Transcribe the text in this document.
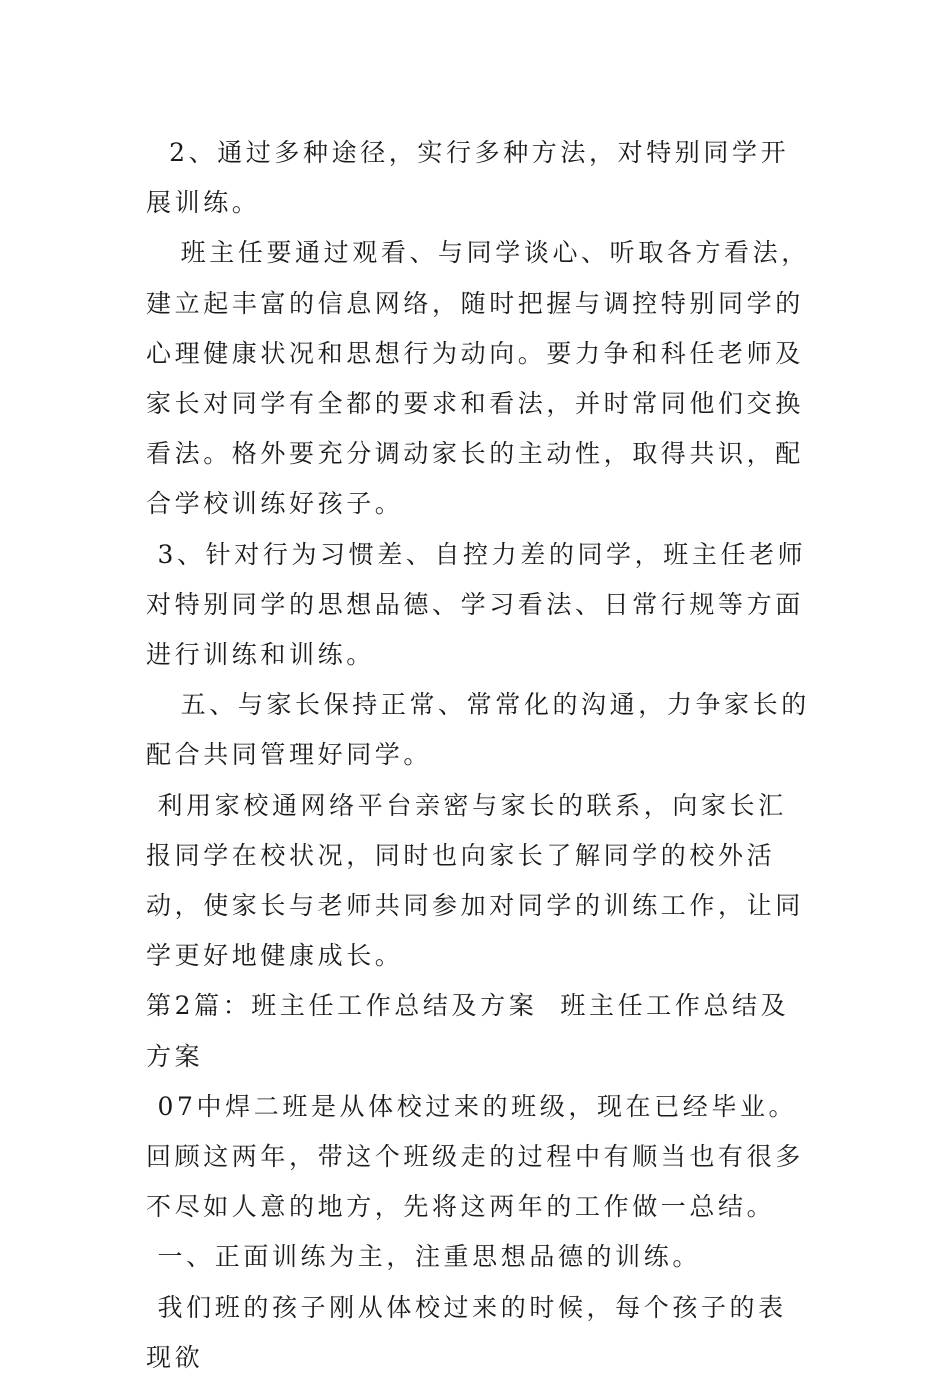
2、通过多种途径，实行多种方法，对特别同学开展训练。

班主任要通过观看、与同学谈心、听取各方看法，建立起丰富的信息网络，随时把握与调控特别同学的心理健康状况和思想行为动向。要力争和科任老师及家长对同学有全都的要求和看法，并时常同他们交换看法。格外要充分调动家长的主动性，取得共识，配合学校训练好孩子。

3、针对行为习惯差、自控力差的同学，班主任老师对特别同学的思想品德、学习看法、日常行规等方面进行训练和训练。

五、与家长保持正常、常常化的沟通，力争家长的配合共同管理好同学。

利用家校通网络平台亲密与家长的联系，向家长汇报同学在校状况，同时也向家长了解同学的校外活动，使家长与老师共同参加对同学的训练工作，让同学更好地健康成长。

第2篇：班主任工作总结及方案  班主任工作总结及方案

07中焊二班是从体校过来的班级，现在已经毕业。回顾这两年，带这个班级走的过程中有顺当也有很多不尽如人意的地方，先将这两年的工作做一总结。

一、正面训练为主，注重思想品德的训练。

我们班的孩子刚从体校过来的时候，每个孩子的表现欲
